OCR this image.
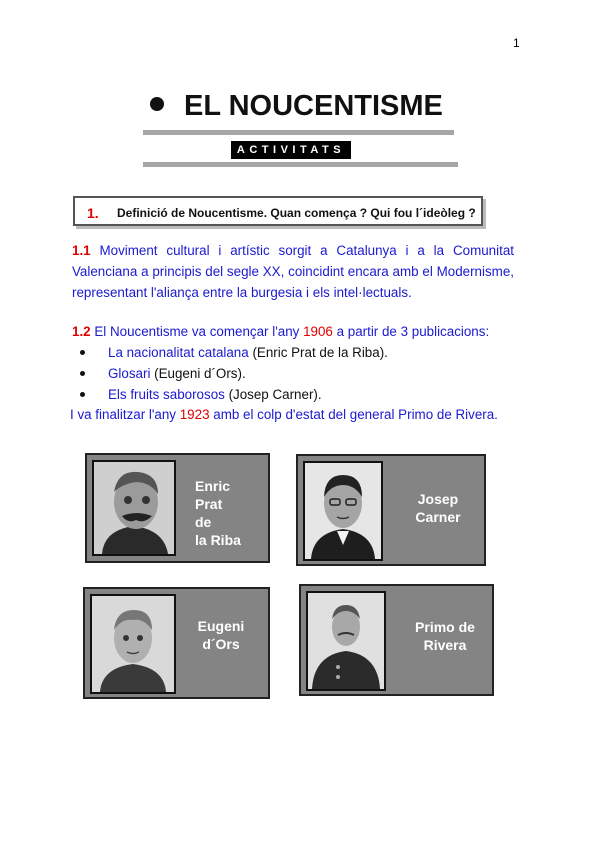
1
EL NOUCENTISME
ACTIVITATS
1. Definició de Noucentisme. Quan comença ? Qui fou l´ideòleg ?
1.1 Moviment cultural i artístic sorgit a Catalunya i a la Comunitat Valenciana a principis del segle XX, coincidint encara amb el Modernisme, representant l'aliança entre la burgesia i els intel·lectuals.
1.2 El Noucentisme va començar l'any 1906 a partir de 3 publicacions:
La nacionalitat catalana (Enric Prat de la Riba).
Glosari (Eugeni d´Ors).
Els fruits saborosos (Josep Carner).
I va finalitzar l'any 1923 amb el colp d'estat del general Primo de Rivera.
Enric
Prat
de
la Riba
Josep
Carner
Eugeni
d´Ors
Primo de
Rivera
